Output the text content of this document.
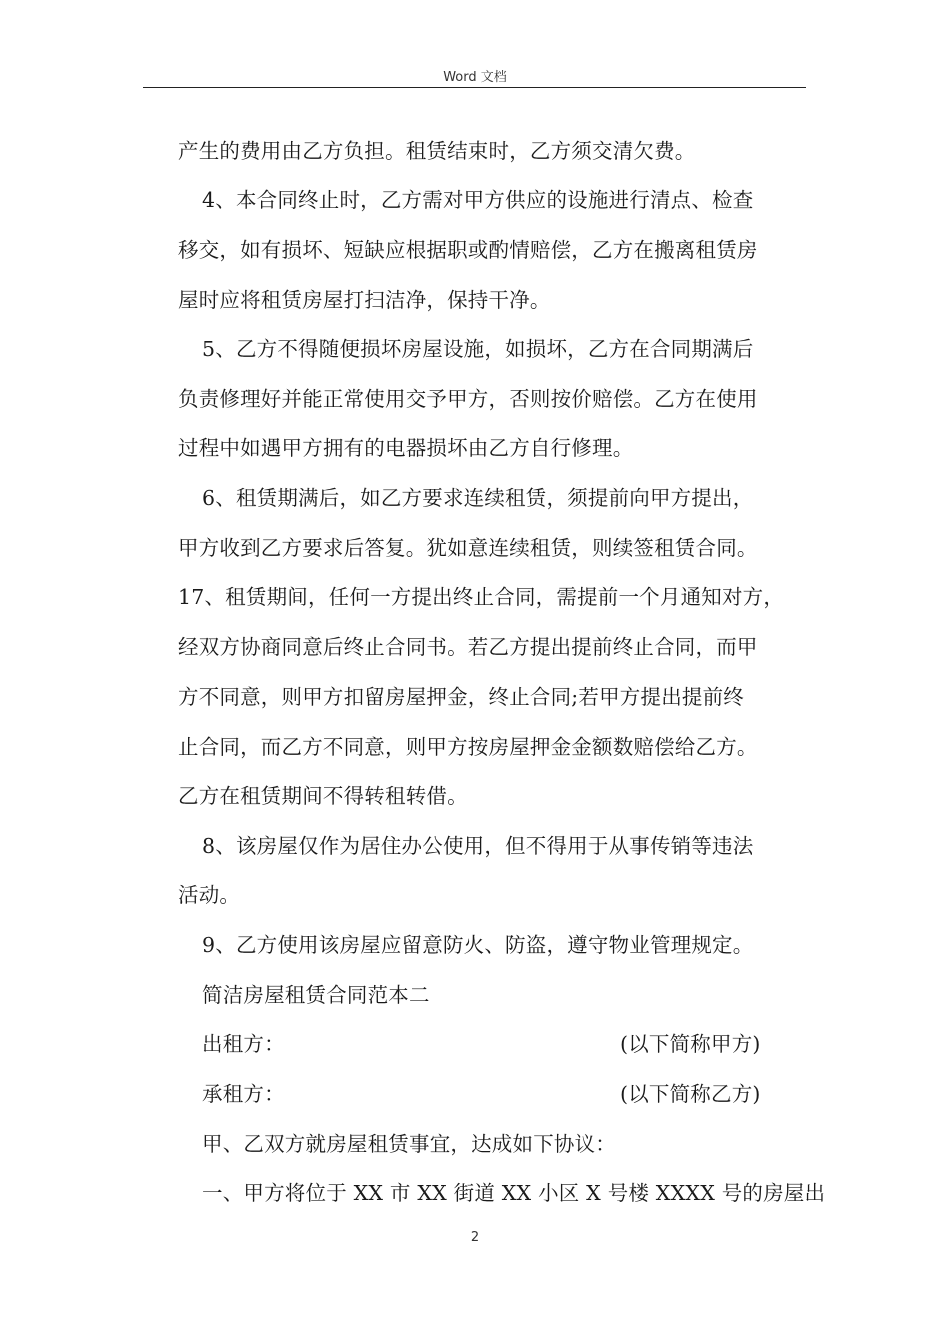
Word 文档
产生的费用由乙方负担。租赁结束时，乙方须交清欠费。
4、本合同终止时，乙方需对甲方供应的设施进行清点、检查
移交，如有损坏、短缺应根据职或酌情赔偿，乙方在搬离租赁房
屋时应将租赁房屋打扫洁净，保持干净。
5、乙方不得随便损坏房屋设施，如损坏，乙方在合同期满后
负责修理好并能正常使用交予甲方，否则按价赔偿。乙方在使用
过程中如遇甲方拥有的电器损坏由乙方自行修理。
6、租赁期满后，如乙方要求连续租赁，须提前向甲方提出，
甲方收到乙方要求后答复。犹如意连续租赁，则续签租赁合同。
17、租赁期间，任何一方提出终止合同，需提前一个月通知对方，
经双方协商同意后终止合同书。若乙方提出提前终止合同，而甲
方不同意，则甲方扣留房屋押金，终止合同;若甲方提出提前终
止合同，而乙方不同意，则甲方按房屋押金金额数赔偿给乙方。
乙方在租赁期间不得转租转借。
8、该房屋仅作为居住办公使用，但不得用于从事传销等违法
活动。
9、乙方使用该房屋应留意防火、防盗，遵守物业管理规定。
简洁房屋租赁合同范本二
出租方：	(以下简称甲方)
承租方：	(以下简称乙方)
甲、乙双方就房屋租赁事宜，达成如下协议：
一、甲方将位于 XX 市 XX 街道 XX 小区 X 号楼 XXXX 号的房屋出
2
